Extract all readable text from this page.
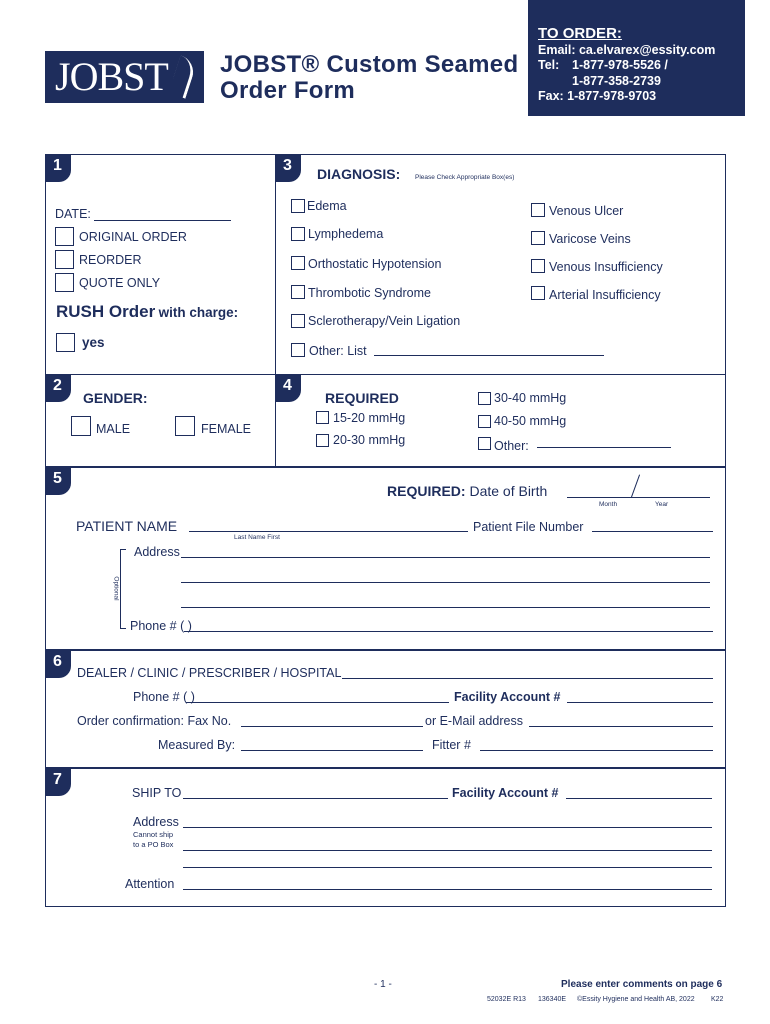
JOBST	JOBST® Custom Seamed
Order Form
TO ORDER:
Email: ca.elvarex@essity.com
Tel: 1-877-978-5526 /
1-877-358-2739
Fax: 1-877-978-9703
1
DATE:
ORIGINAL ORDER
REORDER
QUOTE ONLY
RUSH Order with charge:
yes
3	DIAGNOSIS: Please Check Appropriate Box(es)
Edema
Lymphedema
Orthostatic Hypotension
Thrombotic Syndrome
Sclerotherapy/Vein Ligation
Other: List
Venous Ulcer
Varicose Veins
Venous Insufficiency
Arterial Insufficiency
2
GENDER:
MALE	FEMALE
4
REQUIRED
15-20 mmHg
20-30 mmHg
30-40 mmHg
40-50 mmHg
Other:
5
REQUIRED: Date of Birth
Month	Year
PATIENT NAME
Last Name First
Patient File Number
Optional
Address
Phone # ( )
6
DEALER / CLINIC / PRESCRIBER / HOSPITAL
Phone # ( )	Facility Account #
Order confirmation: Fax No.	or E-Mail address
Measured By:	Fitter #
7
SHIP TO	Facility Account #
Address
Cannot ship
to a PO Box
Attention
- 1 -	Please enter comments on page 6
52032E R13 136340E ©Essity Hygiene and Health AB, 2022 K22
